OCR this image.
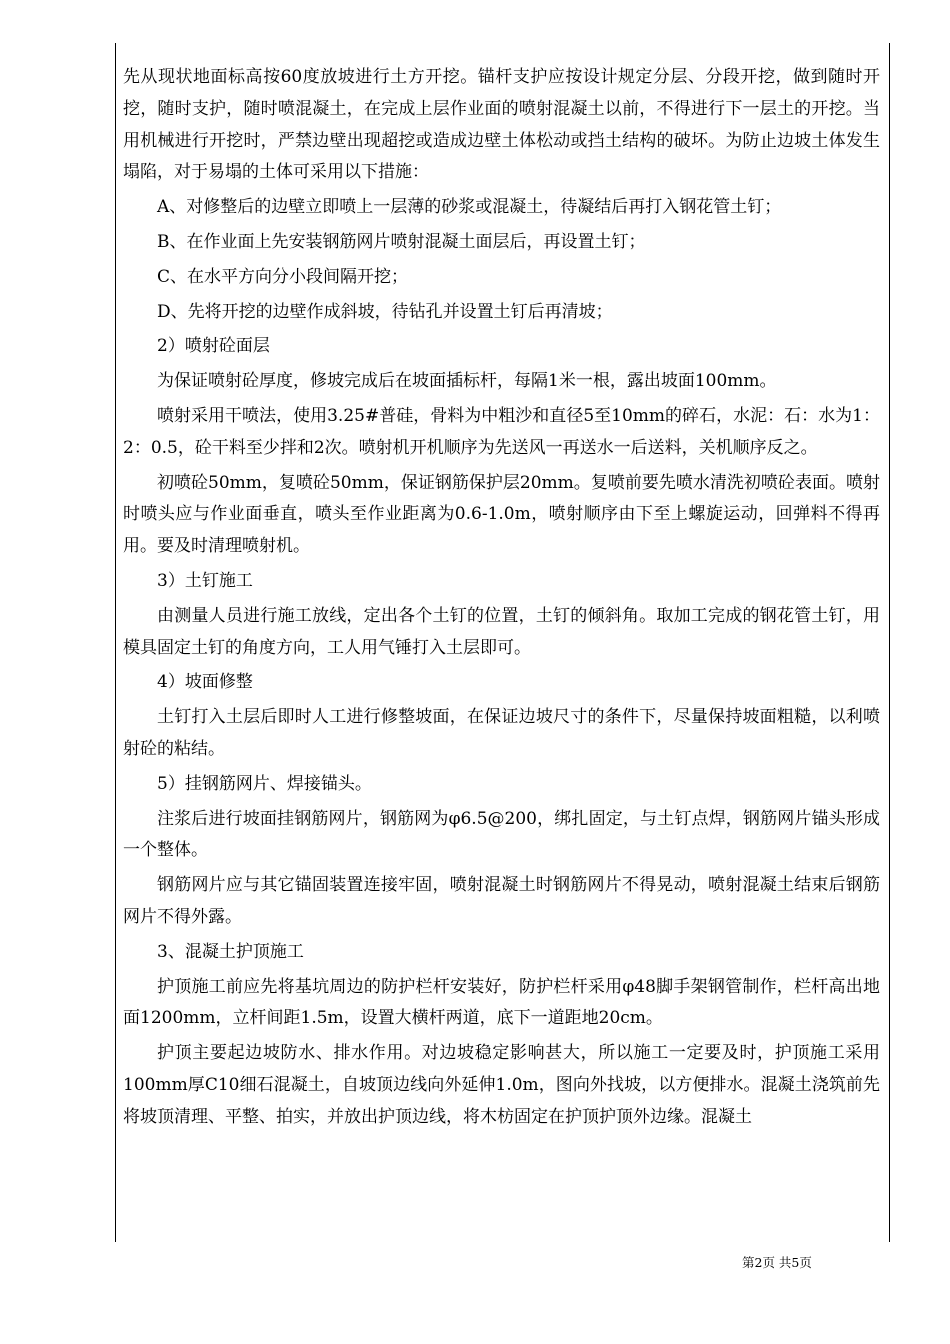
先从现状地面标高按60度放坡进行土方开挖。锚杆支护应按设计规定分层、分段开挖，做到随时开挖，随时支护，随时喷混凝土，在完成上层作业面的喷射混凝土以前，不得进行下一层土的开挖。当用机械进行开挖时，严禁边壁出现超挖或造成边壁土体松动或挡土结构的破坏。为防止边坡土体发生塌陷，对于易塌的土体可采用以下措施：

A、对修整后的边壁立即喷上一层薄的砂浆或混凝土，待凝结后再打入钢花管土钉；

B、在作业面上先安装钢筋网片喷射混凝土面层后，再设置土钉；

C、在水平方向分小段间隔开挖；

D、先将开挖的边壁作成斜坡，待钻孔并设置土钉后再清坡；

2）喷射砼面层

为保证喷射砼厚度，修坡完成后在坡面插标杆，每隔1米一根，露出坡面100mm。

喷射采用干喷法，使用3.25#普硅，骨料为中粗沙和直径5至10mm的碎石，水泥：石：水为1：2：0.5，砼干料至少拌和2次。喷射机开机顺序为先送风一再送水一后送料，关机顺序反之。

初喷砼50mm，复喷砼50mm，保证钢筋保护层20mm。复喷前要先喷水清洗初喷砼表面。喷射时喷头应与作业面垂直，喷头至作业距离为0.6-1.0m，喷射顺序由下至上螺旋运动，回弹料不得再用。要及时清理喷射机。

3）土钉施工

由测量人员进行施工放线，定出各个土钉的位置，土钉的倾斜角。取加工完成的钢花管土钉，用模具固定土钉的角度方向，工人用气锤打入土层即可。

4）坡面修整

土钉打入土层后即时人工进行修整坡面，在保证边坡尺寸的条件下，尽量保持坡面粗糙，以利喷射砼的粘结。

5）挂钢筋网片、焊接锚头。

注浆后进行坡面挂钢筋网片，钢筋网为φ6.5@200，绑扎固定，与土钉点焊，钢筋网片锚头形成一个整体。

钢筋网片应与其它锚固装置连接牢固，喷射混凝土时钢筋网片不得晃动，喷射混凝土结束后钢筋网片不得外露。

3、混凝土护顶施工

护顶施工前应先将基坑周边的防护栏杆安装好，防护栏杆采用φ48脚手架钢管制作，栏杆高出地面1200mm，立杆间距1.5m，设置大横杆两道，底下一道距地20cm。

护顶主要起边坡防水、排水作用。对边坡稳定影响甚大，所以施工一定要及时，护顶施工采用100mm厚C10细石混凝土，自坡顶边线向外延伸1.0m，图向外找坡，以方便排水。混凝土浇筑前先将坡顶清理、平整、拍实，并放出护顶边线，将木枋固定在护顶护顶外边缘。混凝土

第2页 共5页
